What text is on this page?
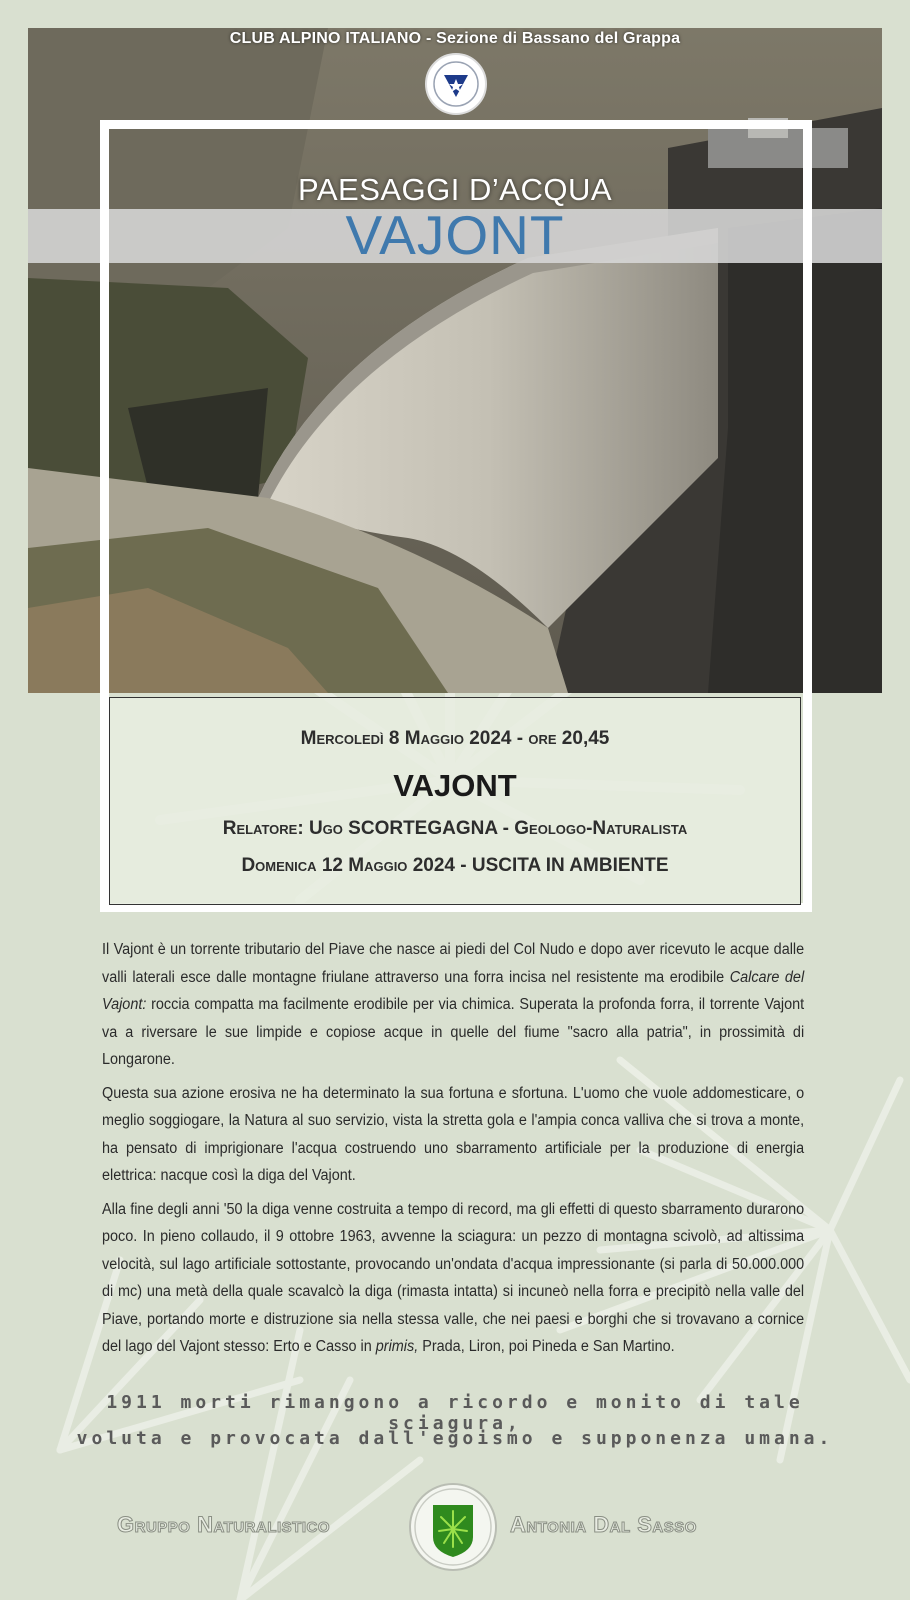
CLUB ALPINO ITALIANO - Sezione di Bassano del Grappa
PAESAGGI D’ACQUA
VAJONT
Mercoledì 8 Maggio 2024 - ore 20,45
VAJONT
Relatore: Ugo SCORTEGAGNA - Geologo-Naturalista
Domenica 12 Maggio 2024 - USCITA IN AMBIENTE

Il Vajont è un torrente tributario del Piave che nasce ai piedi del Col Nudo e dopo aver ricevuto le acque dalle valli laterali esce dalle montagne friulane attraverso una forra incisa nel resistente ma erodibile Calcare del Vajont: roccia compatta ma facilmente erodibile per via chimica. Superata la profonda forra, il torrente Vajont va a riversare le sue limpide e copiose acque in quelle del fiume "sacro alla patria", in prossimità di Longarone.

Questa sua azione erosiva ne ha determinato la sua fortuna e sfortuna. L'uomo che vuole addomesticare, o meglio soggiogare, la Natura al suo servizio, vista la stretta gola e l'ampia conca valliva che si trova a monte, ha pensato di imprigionare l'acqua costruendo uno sbarramento artificiale per la produzione di energia elettrica: nacque così la diga del Vajont.

Alla fine degli anni '50 la diga venne costruita a tempo di record, ma gli effetti di questo sbarramento durarono poco. In pieno collaudo, il 9 ottobre 1963, avvenne la sciagura: un pezzo di montagna scivolò, ad altissima velocità, sul lago artificiale sottostante, provocando un'ondata d'acqua impressionante (si parla di 50.000.000 di mc) una metà della quale scavalcò la diga (rimasta intatta) si incuneò nella forra e precipitò nella valle del Piave, portando morte e distruzione sia nella stessa valle, che nei paesi e borghi che si trovavano a cornice del lago del Vajont stesso: Erto e Casso in primis, Prada, Liron, poi Pineda e San Martino.

1911 morti rimangono a ricordo e monito di tale sciagura,
voluta e provocata dall'egoismo e supponenza umana.
Gruppo Naturalistico	Antonia Dal Sasso
